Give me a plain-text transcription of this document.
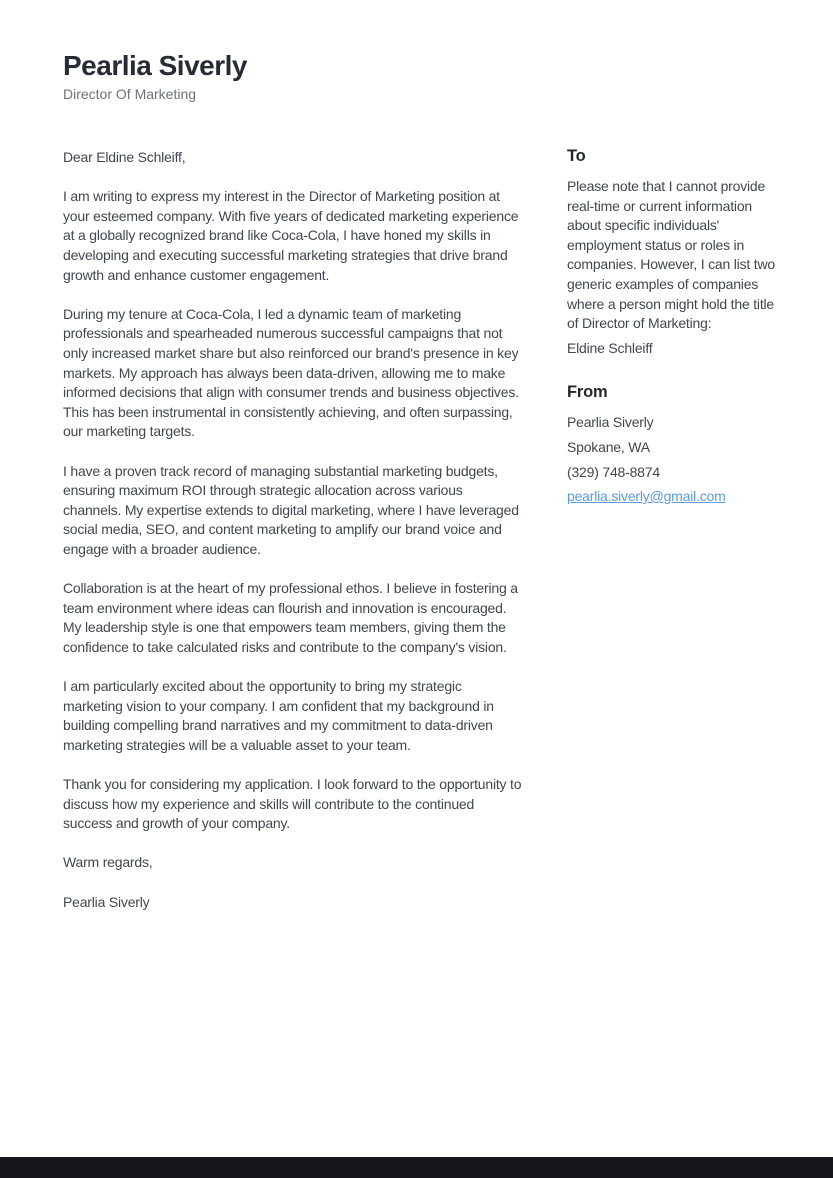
Pearlia Siverly
Director Of Marketing

Dear Eldine Schleiff,

I am writing to express my interest in the Director of Marketing position at your esteemed company. With five years of dedicated marketing experience at a globally recognized brand like Coca-Cola, I have honed my skills in developing and executing successful marketing strategies that drive brand growth and enhance customer engagement.

During my tenure at Coca-Cola, I led a dynamic team of marketing professionals and spearheaded numerous successful campaigns that not only increased market share but also reinforced our brand's presence in key markets. My approach has always been data-driven, allowing me to make informed decisions that align with consumer trends and business objectives. This has been instrumental in consistently achieving, and often surpassing, our marketing targets.

I have a proven track record of managing substantial marketing budgets, ensuring maximum ROI through strategic allocation across various channels. My expertise extends to digital marketing, where I have leveraged social media, SEO, and content marketing to amplify our brand voice and engage with a broader audience.

Collaboration is at the heart of my professional ethos. I believe in fostering a team environment where ideas can flourish and innovation is encouraged. My leadership style is one that empowers team members, giving them the confidence to take calculated risks and contribute to the company's vision.

I am particularly excited about the opportunity to bring my strategic marketing vision to your company. I am confident that my background in building compelling brand narratives and my commitment to data-driven marketing strategies will be a valuable asset to your team.

Thank you for considering my application. I look forward to the opportunity to discuss how my experience and skills will contribute to the continued success and growth of your company.

Warm regards,

Pearlia Siverly

To

Please note that I cannot provide real-time or current information about specific individuals' employment status or roles in companies. However, I can list two generic examples of companies where a person might hold the title of Director of Marketing:

Eldine Schleiff

From

Pearlia Siverly

Spokane, WA

(329) 748-8874

pearlia.siverly@gmail.com
